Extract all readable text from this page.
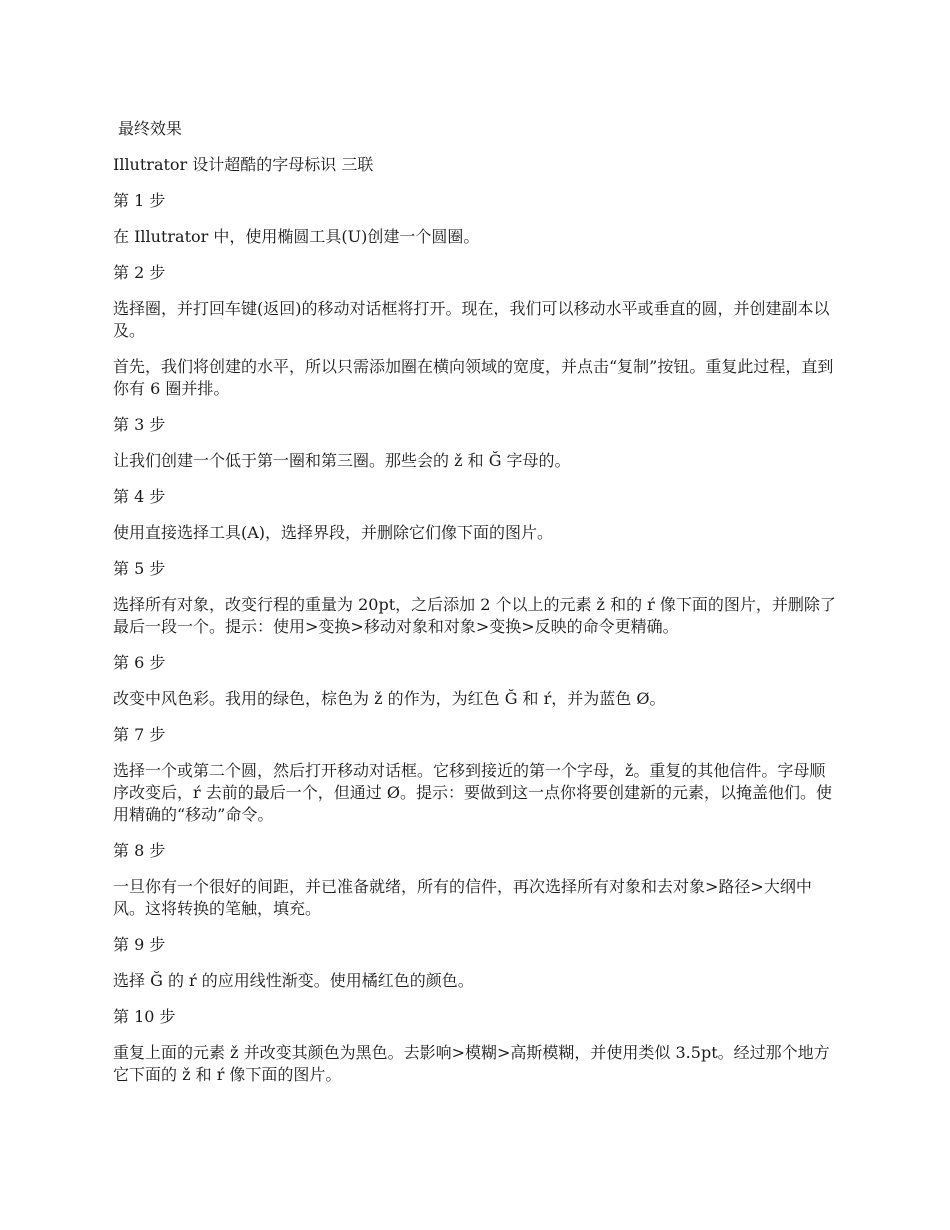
最终效果

Illutrator 设计超酷的字母标识 三联

第 1 步

在 Illutrator 中，使用椭圆工具(U)创建一个圆圈。

第 2 步

选择圈，并打回车键(返回)的移动对话框将打开。现在，我们可以移动水平或垂直的圆，并创建副本以及。

首先，我们将创建的水平，所以只需添加圈在横向领域的宽度，并点击“复制”按钮。重复此过程，直到你有 6 圈并排。

第 3 步

让我们创建一个低于第一圈和第三圈。那些会的 ž 和 Ğ 字母的。

第 4 步

使用直接选择工具(A)，选择界段，并删除它们像下面的图片。

第 5 步

选择所有对象，改变行程的重量为 20pt，之后添加 2 个以上的元素 ž 和的 ŕ 像下面的图片，并删除了最后一段一个。提示：使用>变换>移动对象和对象>变换>反映的命令更精确。

第 6 步

改变中风色彩。我用的绿色，棕色为 ž 的作为，为红色 Ğ 和 ŕ，并为蓝色 Ø。

第 7 步

选择一个或第二个圆，然后打开移动对话框。它移到接近的第一个字母，ž。重复的其他信件。字母顺序改变后，ŕ 去前的最后一个，但通过 Ø。提示：要做到这一点你将要创建新的元素，以掩盖他们。使用精确的“移动”命令。

第 8 步

一旦你有一个很好的间距，并已准备就绪，所有的信件，再次选择所有对象和去对象>路径>大纲中风。这将转换的笔触，填充。

第 9 步

选择 Ğ 的 ŕ 的应用线性渐变。使用橘红色的颜色。

第 10 步

重复上面的元素 ž 并改变其颜色为黑色。去影响>模糊>高斯模糊，并使用类似 3.5pt。经过那个地方它下面的 ž 和 ŕ 像下面的图片。
